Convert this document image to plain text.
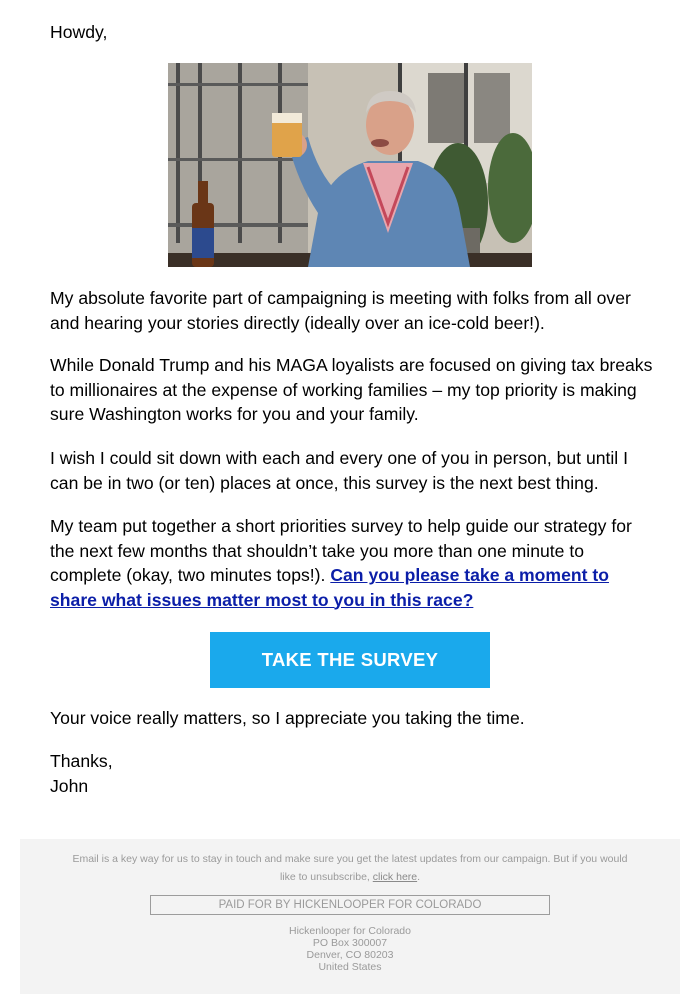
Howdy,
My absolute favorite part of campaigning is meeting with folks from all over and hearing your stories directly (ideally over an ice-cold beer!).
While Donald Trump and his MAGA loyalists are focused on giving tax breaks to millionaires at the expense of working families – my top priority is making sure Washington works for you and your family.
I wish I could sit down with each and every one of you in person, but until I can be in two (or ten) places at once, this survey is the next best thing.
My team put together a short priorities survey to help guide our strategy for the next few months that shouldn’t take you more than one minute to complete (okay, two minutes tops!). Can you please take a moment to share what issues matter most to you in this race?
TAKE THE SURVEY
Your voice really matters, so I appreciate you taking the time.
Thanks,
John
Email is a key way for us to stay in touch and make sure you get the latest updates from our campaign. But if you would like to unsubscribe, click here.
PAID FOR BY HICKENLOOPER FOR COLORADO
Hickenlooper for Colorado
PO Box 300007
Denver, CO 80203
United States
